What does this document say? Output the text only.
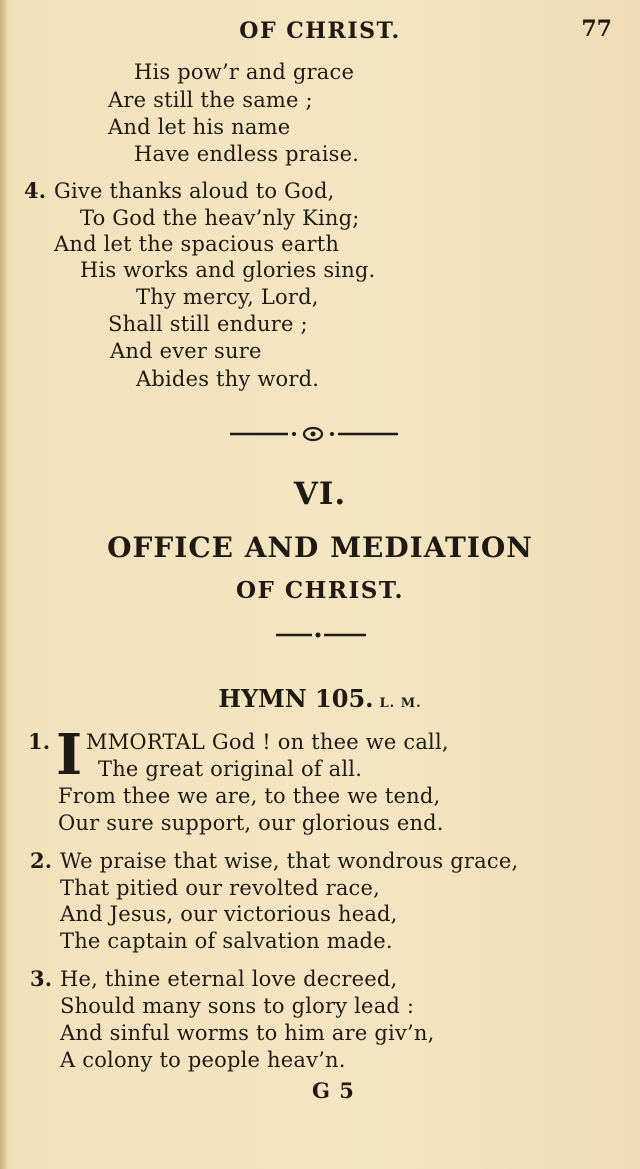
OF CHRIST.	77
His pow’r and grace
Are still the same ;
And let his name
Have endless praise.
4. Give thanks aloud to God,
To God the heav’nly King;
And let the spacious earth
His works and glories sing.
Thy mercy, Lord,
Shall still endure ;
And ever sure
Abides thy word.
VI.
OFFICE AND MEDIATION
OF CHRIST.
HYMN 105. L. M.
1. I MMORTAL God ! on thee we call,
The great original of all.
From thee we are, to thee we tend,
Our sure support, our glorious end.
2. We praise that wise, that wondrous grace,
That pitied our revolted race,
And Jesus, our victorious head,
The captain of salvation made.
3. He, thine eternal love decreed,
Should many sons to glory lead :
And sinful worms to him are giv’n,
A colony to people heav’n.
G 5
